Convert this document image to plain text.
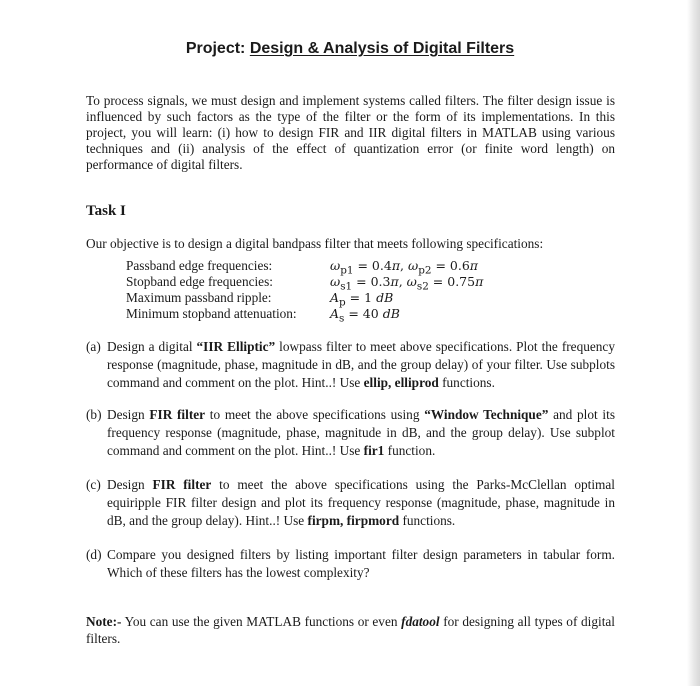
Project: Design & Analysis of Digital Filters

To process signals, we must design and implement systems called filters. The filter design issue is influenced by such factors as the type of the filter or the form of its implementations. In this project, you will learn: (i) how to design FIR and IIR digital filters in MATLAB using various techniques and (ii) analysis of the effect of quantization error (or finite word length) on performance of digital filters.

Task I

Our objective is to design a digital bandpass filter that meets following specifications:

Passband edge frequencies:	$\omega_{p1} = 0.4\pi$, $\omega_{p2} = 0.6\pi$
Stopband edge frequencies:	$\omega_{s1} = 0.3\pi$, $\omega_{s2} = 0.75\pi$
Maximum passband ripple:	$A_p = 1$ dB
Minimum stopband attenuation:	$A_s = 40$ dB
(a) Design a digital “IIR Elliptic” lowpass filter to meet above specifications. Plot the frequency response (magnitude, phase, magnitude in dB, and the group delay) of your filter. Use subplots command and comment on the plot. Hint..! Use ellip, elliprod functions.
(b) Design FIR filter to meet the above specifications using “Window Technique” and plot its frequency response (magnitude, phase, magnitude in dB, and the group delay). Use subplot command and comment on the plot. Hint..! Use fir1 function.
(c) Design FIR filter to meet the above specifications using the Parks-McClellan optimal equiripple FIR filter design and plot its frequency response (magnitude, phase, magnitude in dB, and the group delay). Hint..! Use firpm, firpmord functions.
(d) Compare you designed filters by listing important filter design parameters in tabular form. Which of these filters has the lowest complexity?

Note:- You can use the given MATLAB functions or even fdatool for designing all types of digital filters.
